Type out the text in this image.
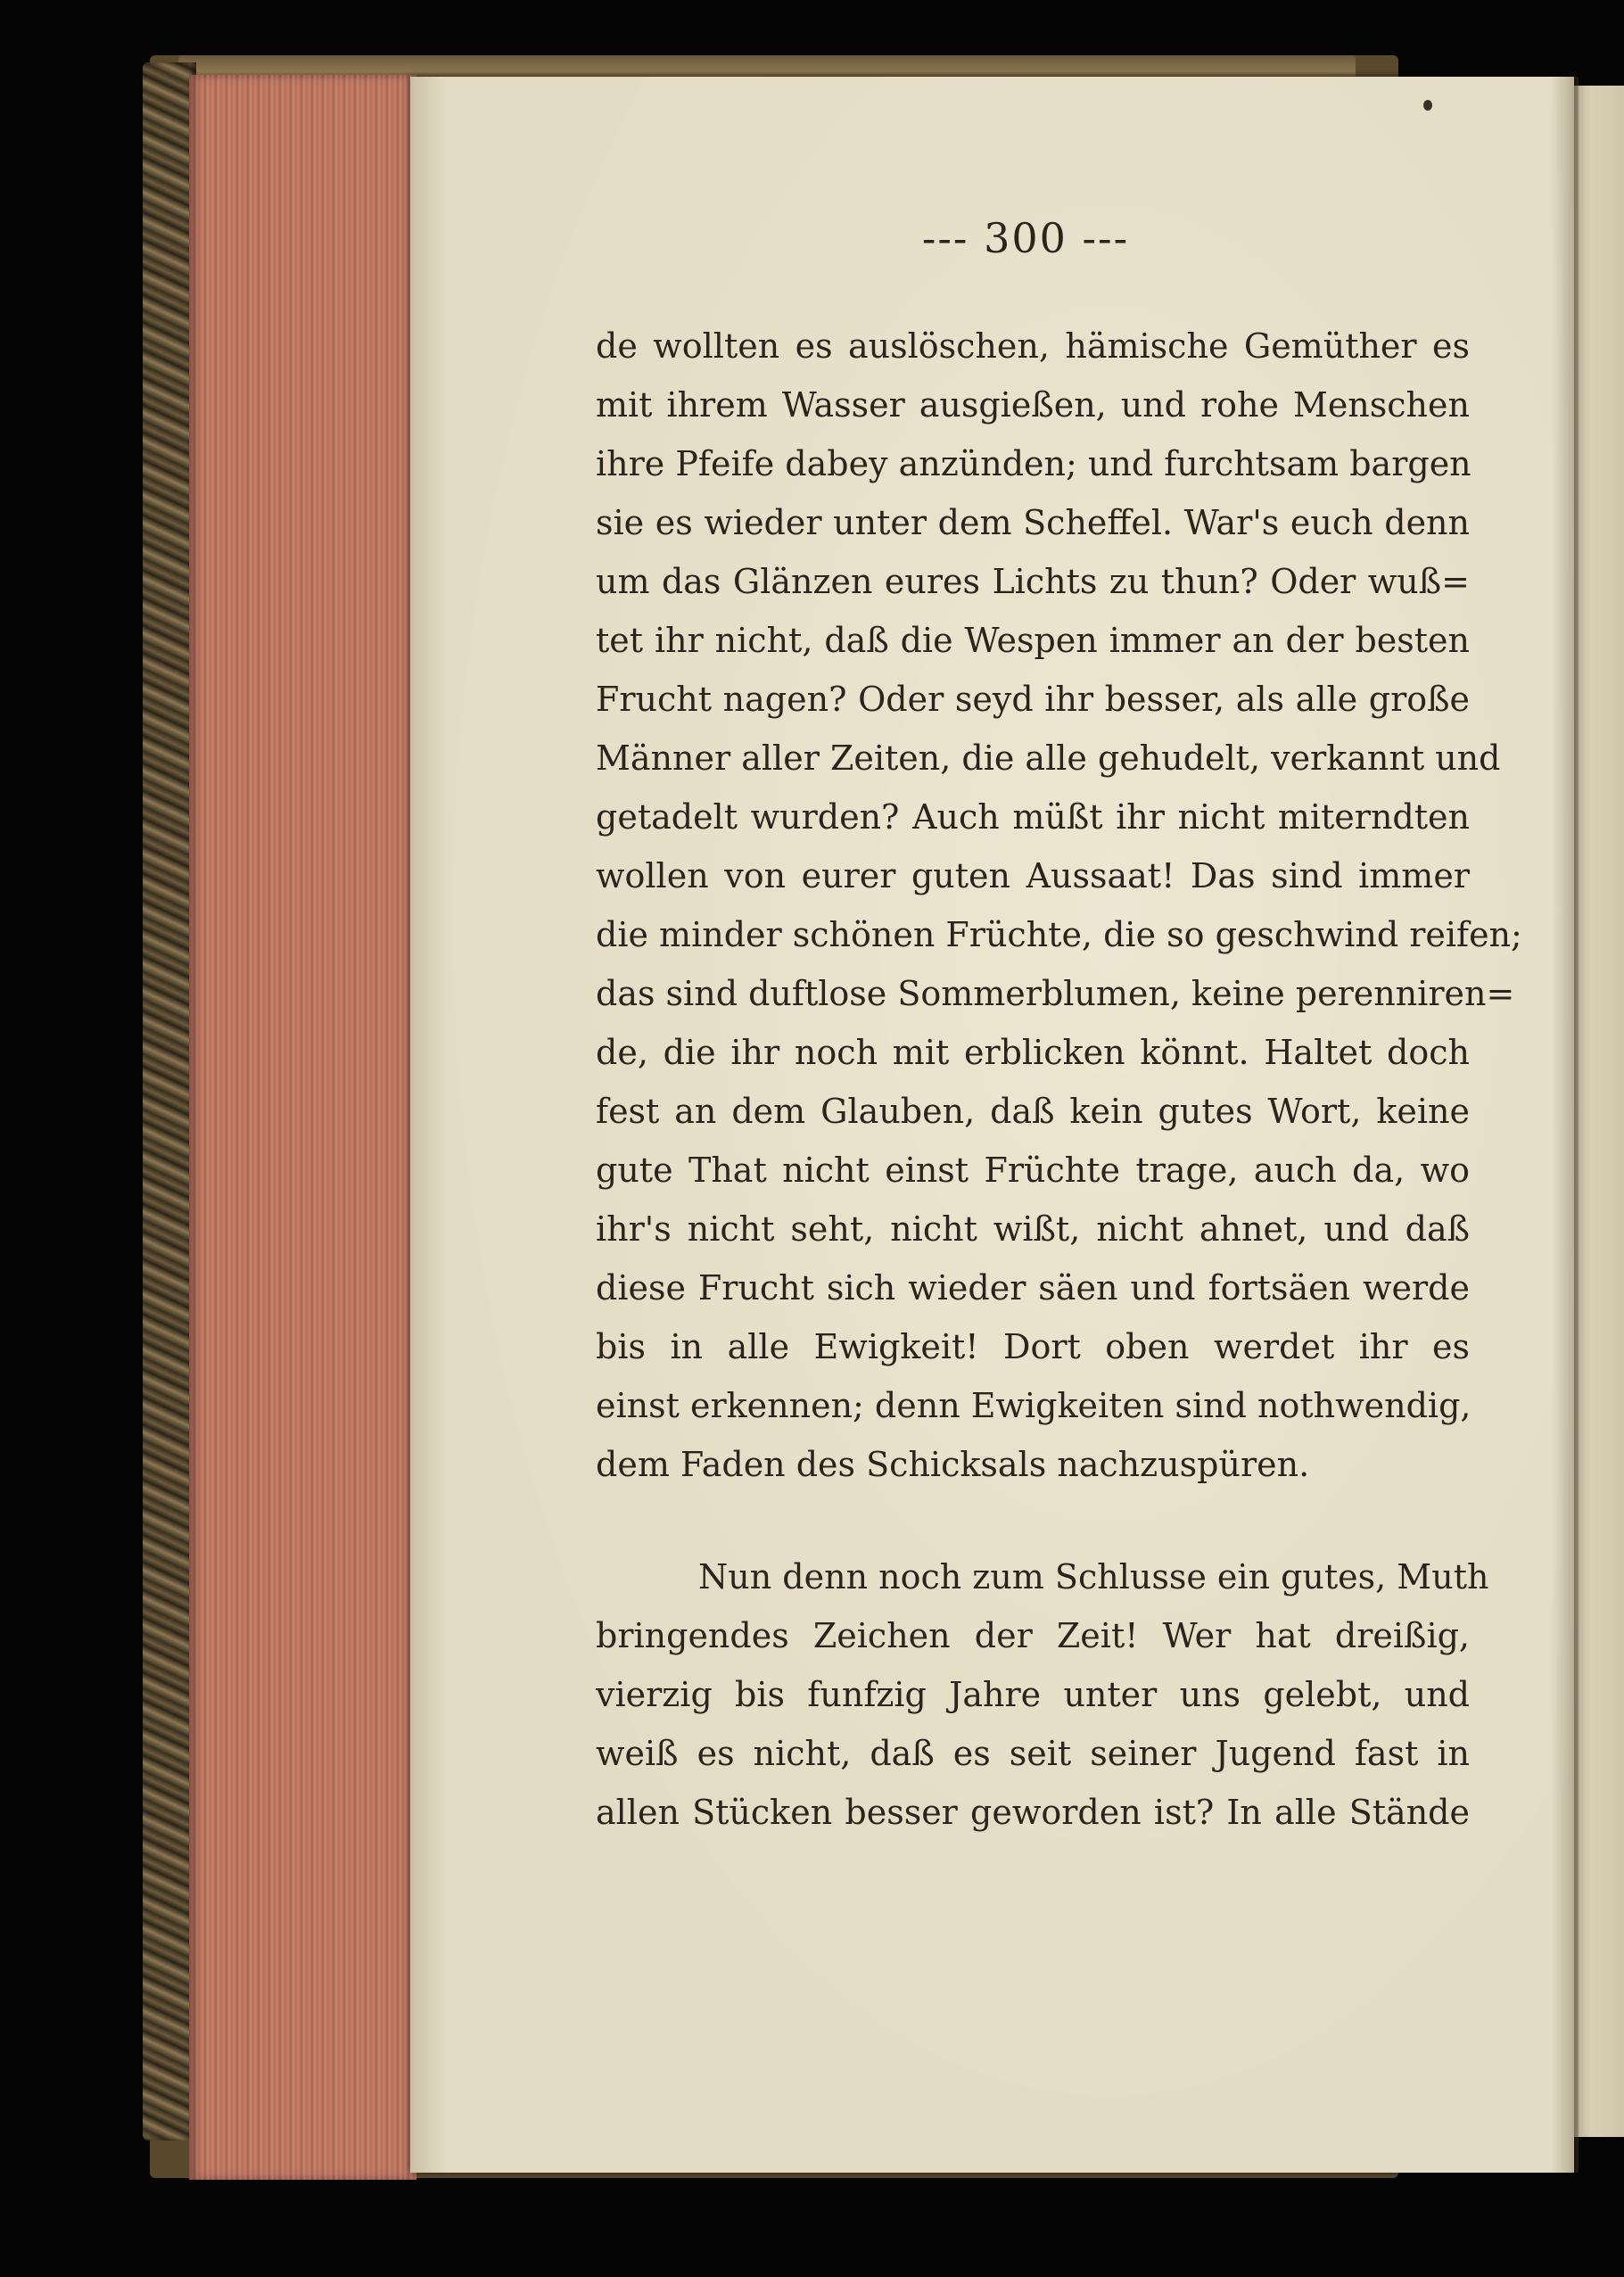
--- 300 ---
de wollten es auslöschen, hämische Gemüther es
mit ihrem Wasser ausgießen, und rohe Menschen
ihre Pfeife dabey anzünden; und furchtsam bargen
sie es wieder unter dem Scheffel. War's euch denn
um das Glänzen eures Lichts zu thun? Oder wuß=
tet ihr nicht, daß die Wespen immer an der besten
Frucht nagen? Oder seyd ihr besser, als alle große
Männer aller Zeiten, die alle gehudelt, verkannt und
getadelt wurden? Auch müßt ihr nicht miterndten
wollen von eurer guten Aussaat! Das sind immer
die minder schönen Früchte, die so geschwind reifen;
das sind duftlose Sommerblumen, keine perenniren=
de, die ihr noch mit erblicken könnt. Haltet doch
fest an dem Glauben, daß kein gutes Wort, keine
gute That nicht einst Früchte trage, auch da, wo
ihr's nicht seht, nicht wißt, nicht ahnet, und daß
diese Frucht sich wieder säen und fortsäen werde
bis in alle Ewigkeit! Dort oben werdet ihr es
einst erkennen; denn Ewigkeiten sind nothwendig,
dem Faden des Schicksals nachzuspüren.
Nun denn noch zum Schlusse ein gutes, Muth
bringendes Zeichen der Zeit! Wer hat dreißig,
vierzig bis funfzig Jahre unter uns gelebt, und
weiß es nicht, daß es seit seiner Jugend fast in
allen Stücken besser geworden ist? In alle Stände
